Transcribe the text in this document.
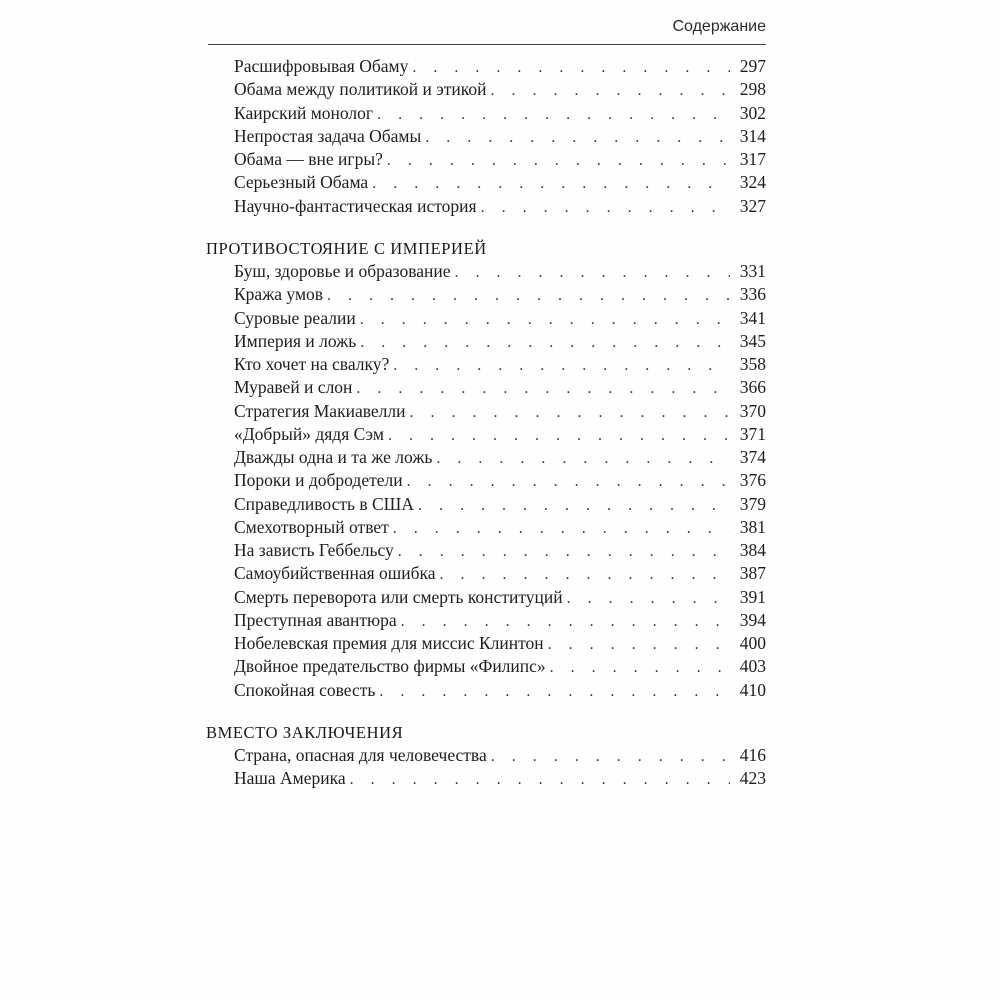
Содержание

Расшифровывая Обаму . . .	297
Обама между политикой и этикой . . .	298
Каирский монолог . . .	302
Непростая задача Обамы . . .	314
Обама — вне игры? . . .	317
Серьезный Обама . . .	324
Научно-фантастическая история . . .	327
ПРОТИВОСТОЯНИЕ С ИМПЕРИЕЙ
Буш, здоровье и образование . . .	331
Кража умов . . .	336
Суровые реалии . . .	341
Империя и ложь . . .	345
Кто хочет на свалку? . . .	358
Муравей и слон . . .	366
Стратегия Макиавелли . . .	370
«Добрый» дядя Сэм . . .	371
Дважды одна и та же ложь . . .	374
Пороки и добродетели . . .	376
Справедливость в США . . .	379
Смехотворный ответ . . .	381
На зависть Геббельсу . . .	384
Самоубийственная ошибка . . .	387
Смерть переворота или смерть конституций . . .	391
Преступная авантюра . . .	394
Нобелевская премия для миссис Клинтон . . .	400
Двойное предательство фирмы «Филипс» . . .	403
Спокойная совесть . . .	410
ВМЕСТО ЗАКЛЮЧЕНИЯ
Страна, опасная для человечества . . .	416
Наша Америка . . .	423
